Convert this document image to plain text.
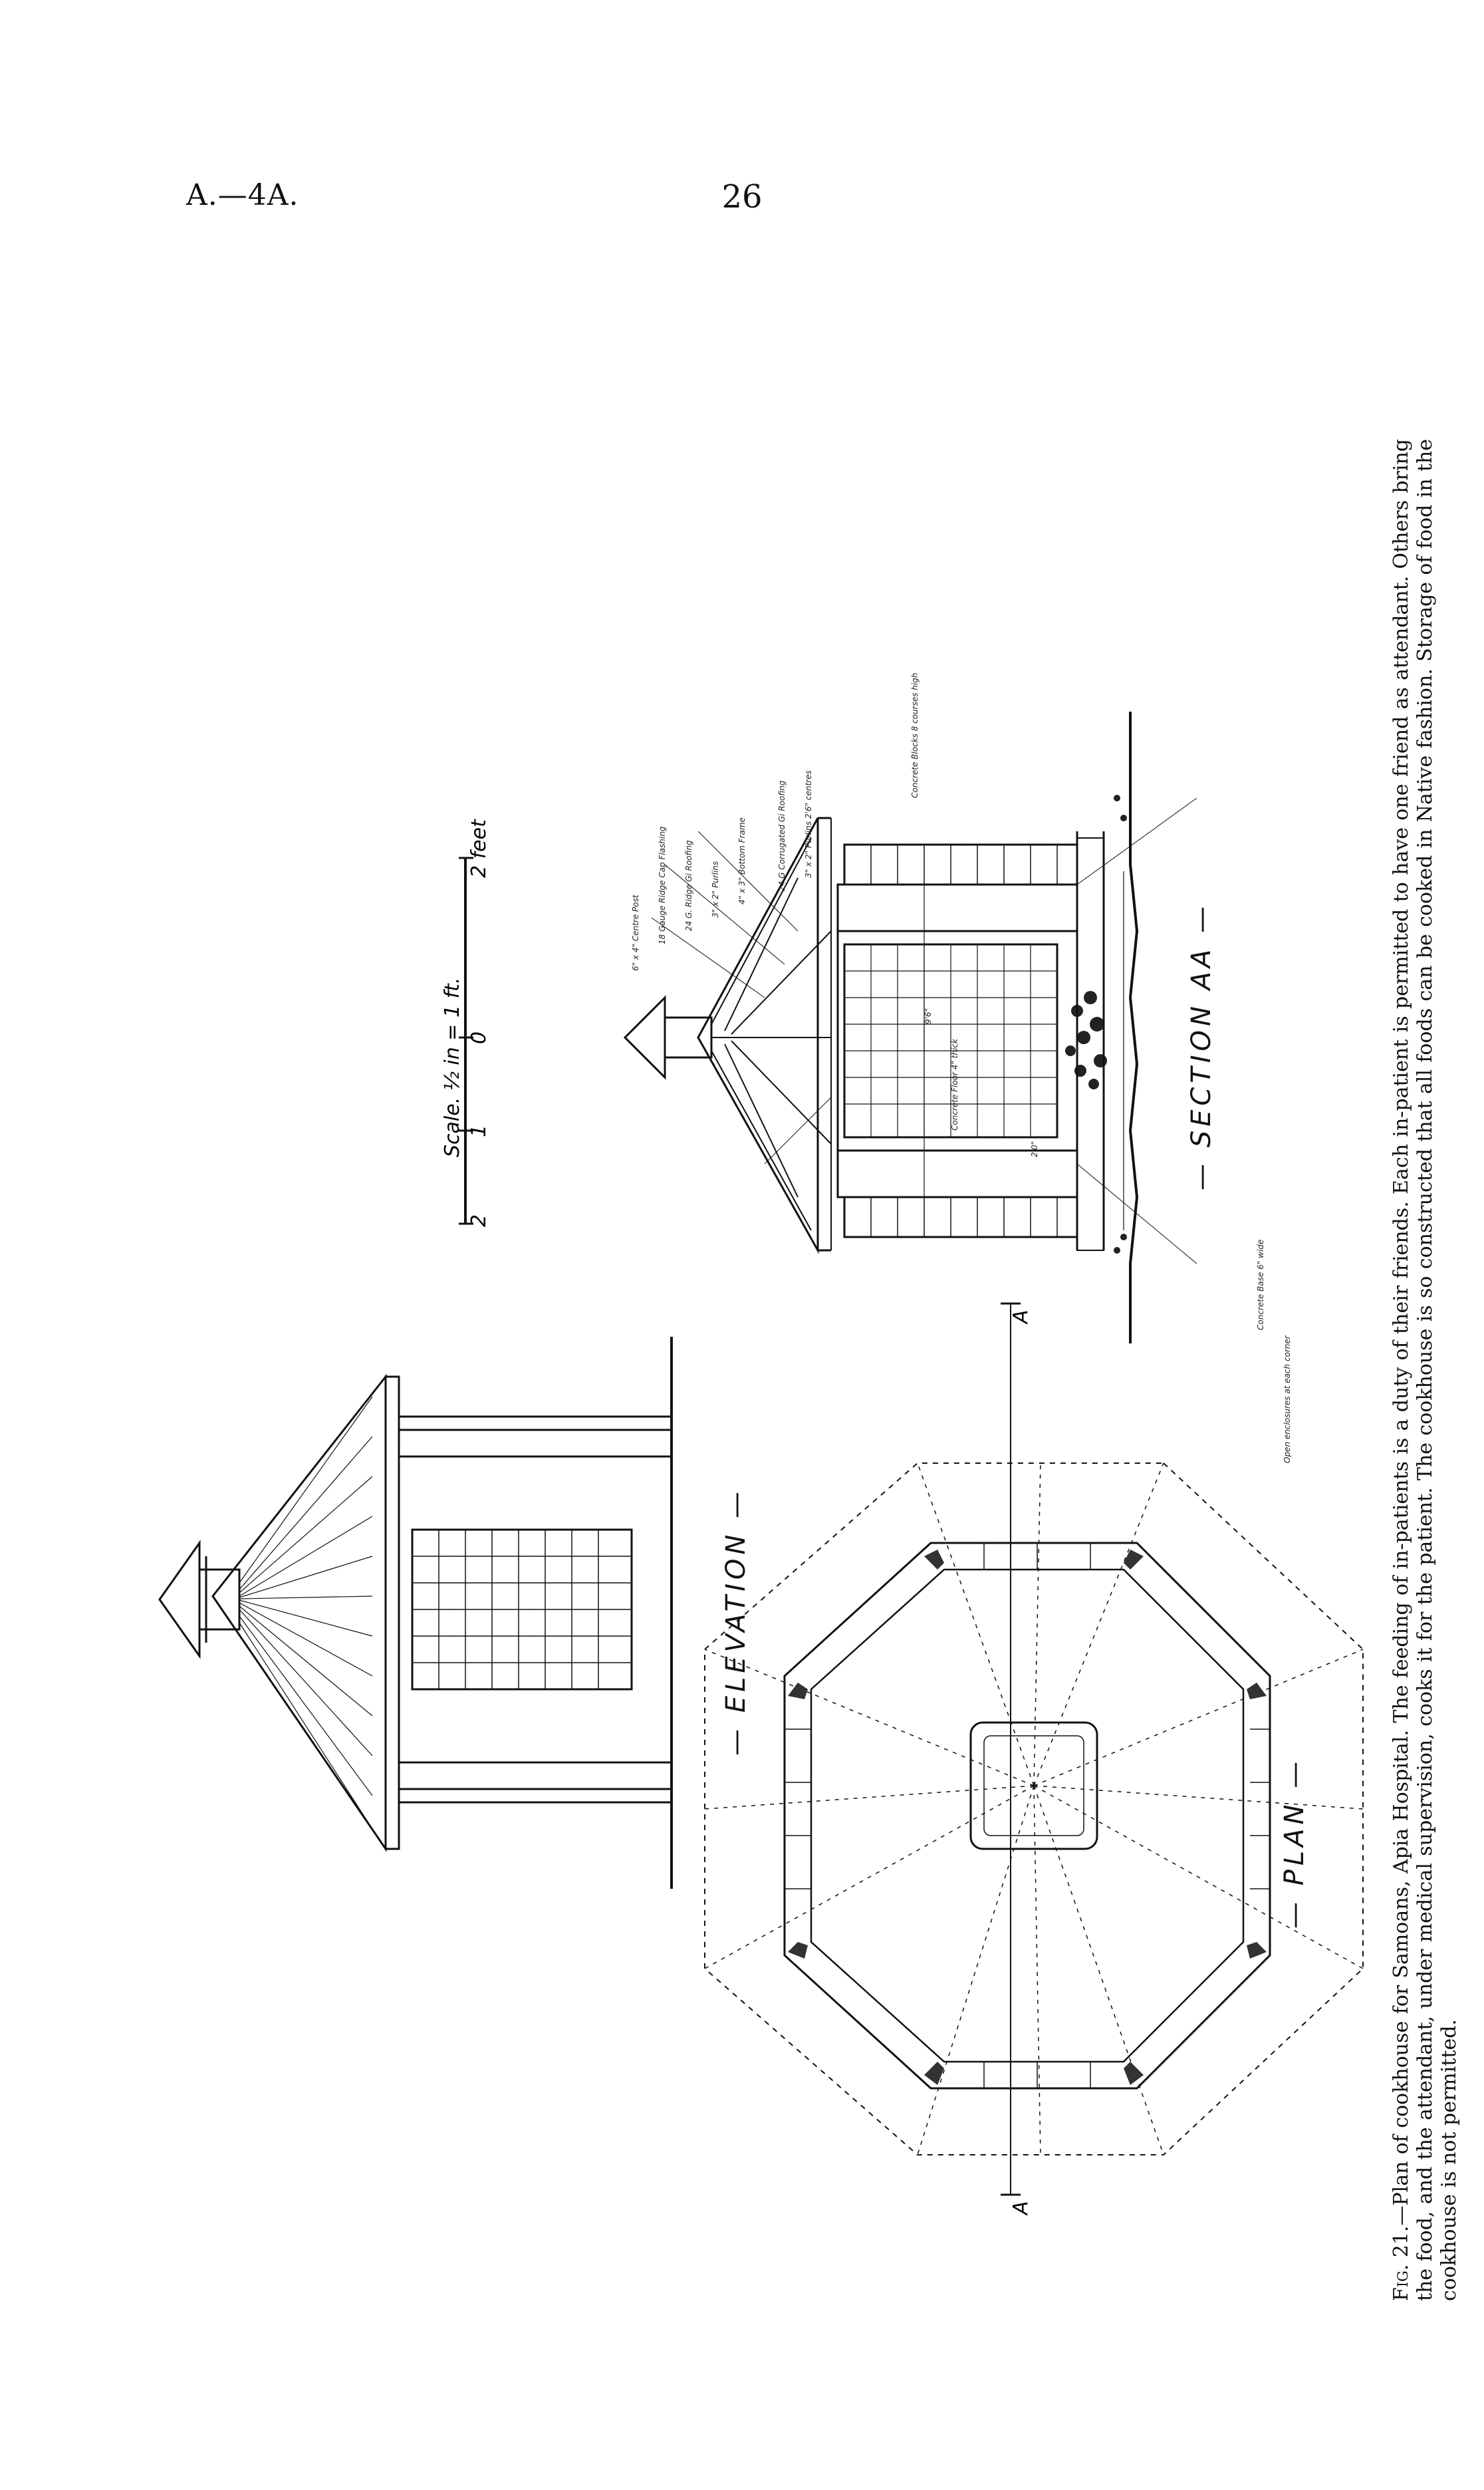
A.—4A.	26
6" x 4" Centre Post 18 Gauge Ridge Cap Flashing 24 G. Ridge Gi Roofing 3" x 2" Purlins 4" x 3" Bottom Frame	24 G Corrugated Gi Roofing 3" x 2" Purlins 2'6" centres
Concrete Blocks 8 courses high
Concrete Floor 4" thick
Concrete Base 6" wide
Open enclosures at each corner
9'6"
2'0"
Scale. ½ in = 1 ft.
2
1
0
2 feet
A
A
— ELEVATION —
— SECTION AA —
— PLAN —
Fig. 21.—Plan of cookhouse for Samoans, Apia Hospital. The feeding of in-patients is a duty of their friends. Each in-patient is permitted to have one friend as attendant. Others bring the food, and the attendant, under medical supervision, cooks it for the patient. The cookhouse is so constructed that all foods can be cooked in Native fashion. Storage of food in the cookhouse is not permitted.
